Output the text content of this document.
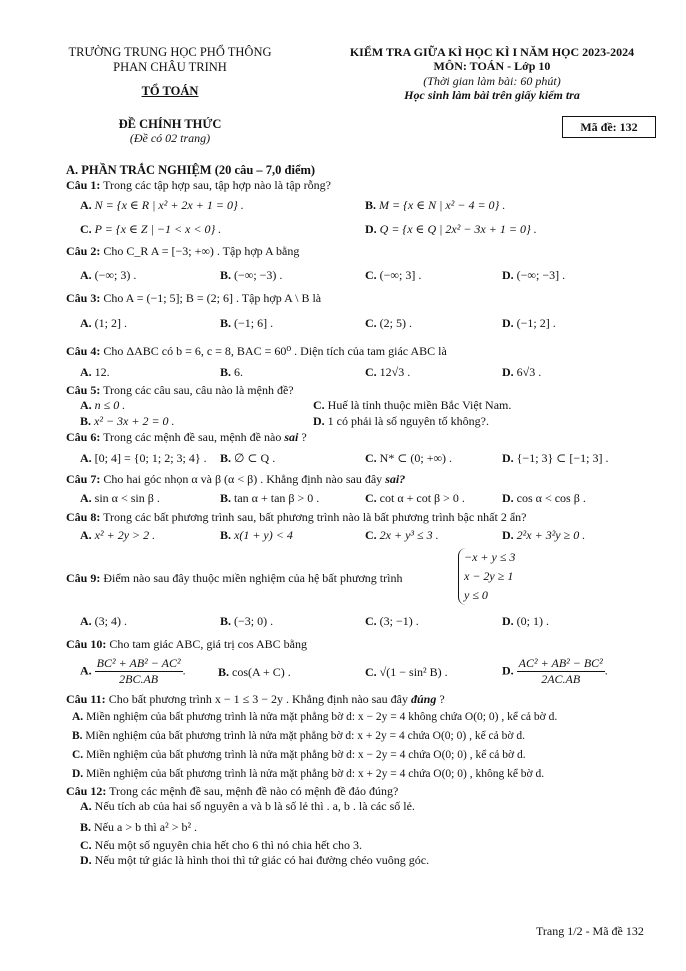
TRƯỜNG TRUNG HỌC PHỔ THÔNG
PHAN CHÂU TRINH
TỔ TOÁN
ĐỀ CHÍNH THỨC
(Đề có 02 trang)
KIỂM TRA GIỮA KÌ HỌC KÌ I NĂM HỌC 2023-2024
MÔN: TOÁN - Lớp 10
(Thời gian làm bài: 60 phút)
Học sinh làm bài trên giấy kiểm tra
Mã đề: 132
A. PHẦN TRẮC NGHIỆM (20 câu – 7,0 điểm)
Câu 1: Trong các tập hợp sau, tập hợp nào là tập rỗng?
A. N = {x ∈ R | x² + 2x + 1 = 0} .	B. M = {x ∈ N | x² − 4 = 0} .
C. P = {x ∈ Z | −1 < x < 0} .	D. Q = {x ∈ Q | 2x² − 3x + 1 = 0} .
Câu 2: Cho C_R A = [−3; +∞) . Tập hợp A bằng
A. (−∞; 3) .	B. (−∞; −3) .	C. (−∞; 3] .	D. (−∞; −3] .
Câu 3: Cho A = (−1; 5]; B = (2; 6] . Tập hợp A \ B là
A. (1; 2] .	B. (−1; 6] .	C. (2; 5) .	D. (−1; 2] .
Câu 4: Cho ΔABC có b = 6, c = 8, BAC = 60⁰ . Diện tích của tam giác ABC là
A. 12.	B. 6.	C. 12√3 .	D. 6√3 .
Câu 5: Trong các câu sau, câu nào là mệnh đề?
A. n ≤ 0 .	C. Huế là tỉnh thuộc miền Bắc Việt Nam.
B. x² − 3x + 2 = 0 .	D. 1 có phải là số nguyên tố không?.
Câu 6: Trong các mệnh đề sau, mệnh đề nào sai ?
A. [0; 4] = {0; 1; 2; 3; 4} . B. ∅ ⊂ Q .	C. N* ⊂ (0; +∞) .	D. {−1; 3} ⊂ [−1; 3] .
Câu 7: Cho hai góc nhọn α và β (α < β) . Khẳng định nào sau đây sai?
A. sin α < sin β .	B. tan α + tan β > 0 .	C. cot α + cot β > 0 .	D. cos α < cos β .
Câu 8: Trong các bất phương trình sau, bất phương trình nào là bất phương trình bậc nhất 2 ẩn?
A. x² + 2y > 2 .	B. x(1 + y) < 4	C. 2x + y³ ≤ 3 .	D. 2²x + 3²y ≥ 0 .
Câu 9: Điểm nào sau đây thuộc miền nghiệm của hệ bất phương trình
−x + y ≤ 3
x − 2y ≥ 1
y ≤ 0
A. (3; 4) .	B. (−3; 0) .	C. (3; −1) .	D. (0; 1) .
Câu 10: Cho tam giác ABC, giá trị cos ABC bằng
A. $\frac{\text{BC² + AB² − AC²}}{2BC.AB}$ .	B. cos(A + C) .	C. √(1 − sin² B) .	D. $\frac{\text{AC² + AB² − BC²}}{2AC.AB}$ .
Câu 11: Cho bất phương trình x − 1 ≤ 3 − 2y . Khẳng định nào sau đây đúng ?
A. Miền nghiệm của bất phương trình là nửa mặt phẳng bờ d: x − 2y = 4 không chứa O(0; 0) , kể cả bờ d.
B. Miền nghiệm của bất phương trình là nửa mặt phẳng bờ d: x + 2y = 4 chứa O(0; 0) , kể cả bờ d.
C. Miền nghiệm của bất phương trình là nửa mặt phẳng bờ d: x − 2y = 4 chứa O(0; 0) , kể cả bờ d.
D. Miền nghiệm của bất phương trình là nửa mặt phẳng bờ d: x + 2y = 4 chứa O(0; 0) , không kể bờ d.
Câu 12: Trong các mệnh đề sau, mệnh đề nào có mệnh đề đảo đúng?
A. Nếu tích ab của hai số nguyên a và b là số lẻ thì . a, b . là các số lẻ.
B. Nếu a > b thì a² > b² .
C. Nếu một số nguyên chia hết cho 6 thì nó chia hết cho 3.
D. Nếu một tứ giác là hình thoi thì tứ giác có hai đường chéo vuông góc.
Trang 1/2 - Mã đề 132
